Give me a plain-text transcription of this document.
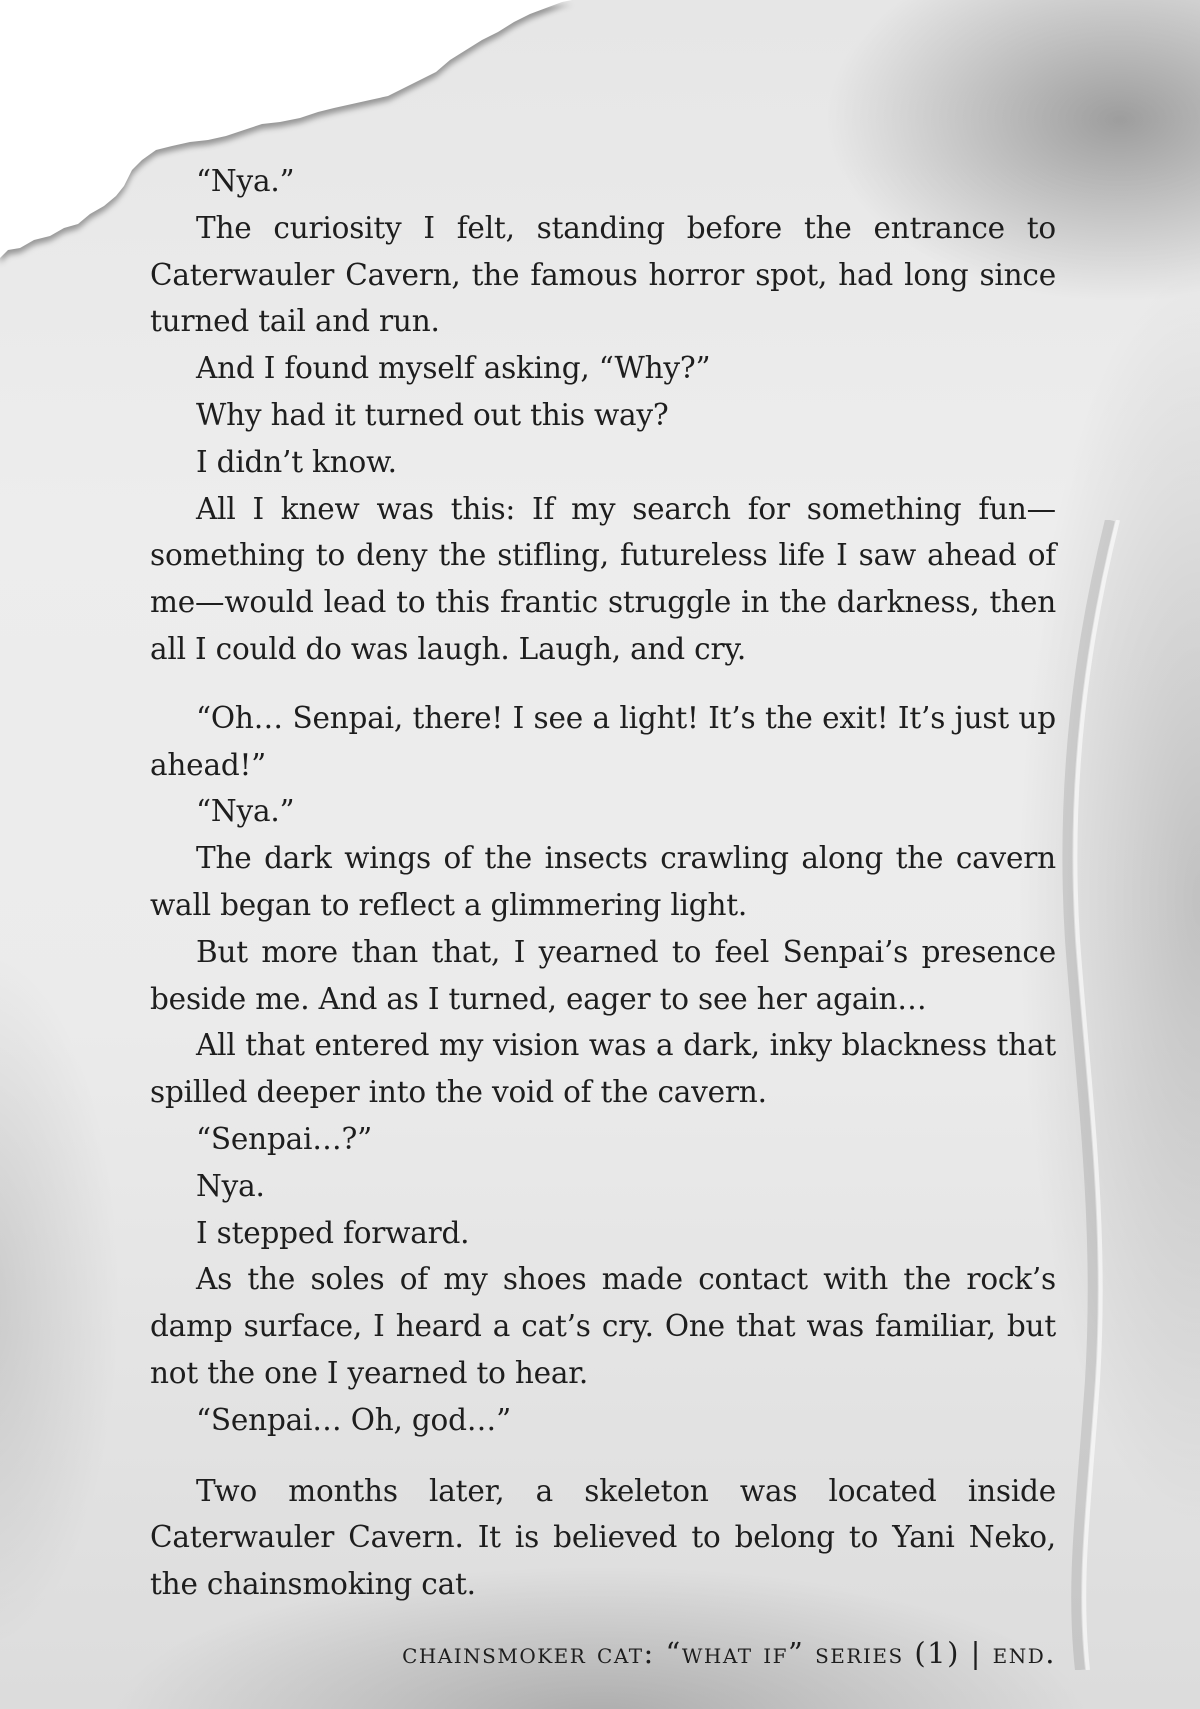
“Nya.”

The curiosity I felt, standing before the entrance to Caterwauler Cavern, the famous horror spot, had long since turned tail and run.

And I found myself asking, “Why?”

Why had it turned out this way?

I didn’t know.

All I knew was this: If my search for something fun—something to deny the stifling, futureless life I saw ahead of me—would lead to this frantic struggle in the darkness, then all I could do was laugh. Laugh, and cry.

“Oh… Senpai, there! I see a light! It’s the exit! It’s just up ahead!”

“Nya.”

The dark wings of the insects crawling along the cavern wall began to reflect a glimmering light.

But more than that, I yearned to feel Senpai’s presence beside me. And as I turned, eager to see her again…

All that entered my vision was a dark, inky blackness that spilled deeper into the void of the cavern.

“Senpai…?”

Nya.

I stepped forward.

As the soles of my shoes made contact with the rock’s damp surface, I heard a cat’s cry. One that was familiar, but not the one I yearned to hear.

“Senpai… Oh, god…”

Two months later, a skeleton was located inside Caterwauler Cavern. It is believed to belong to Yani Neko, the chainsmoking cat.

chainsmoker cat: “what if” series (1) | end.
